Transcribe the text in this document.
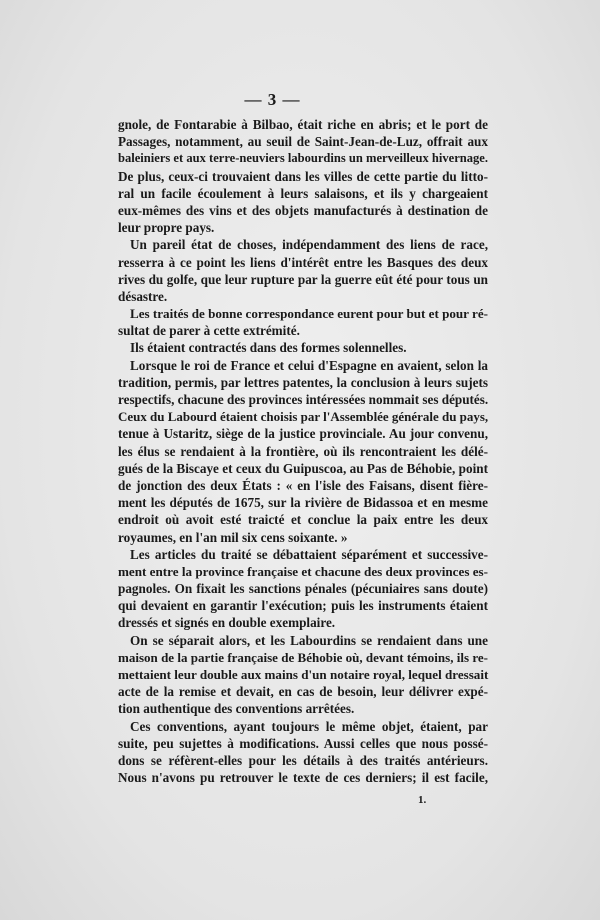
— 3 —
gnole, de Fontarabie à Bilbao, était riche en abris; et le port de
Passages, notamment, au seuil de Saint-Jean-de-Luz, offrait aux
baleiniers et aux terre-neuviers labourdins un merveilleux hivernage.
De plus, ceux-ci trouvaient dans les villes de cette partie du litto-
ral un facile écoulement à leurs salaisons, et ils y chargeaient
eux-mêmes des vins et des objets manufacturés à destination de
leur propre pays.
Un pareil état de choses, indépendamment des liens de race,
resserra à ce point les liens d'intérêt entre les Basques des deux
rives du golfe, que leur rupture par la guerre eût été pour tous un
désastre.
Les traités de bonne correspondance eurent pour but et pour ré-
sultat de parer à cette extrémité.
Ils étaient contractés dans des formes solennelles.
Lorsque le roi de France et celui d'Espagne en avaient, selon la
tradition, permis, par lettres patentes, la conclusion à leurs sujets
respectifs, chacune des provinces intéressées nommait ses députés.
Ceux du Labourd étaient choisis par l'Assemblée générale du pays,
tenue à Ustaritz, siège de la justice provinciale. Au jour convenu,
les élus se rendaient à la frontière, où ils rencontraient les délé-
gués de la Biscaye et ceux du Guipuscoa, au Pas de Béhobie, point
de jonction des deux États : « en l'isle des Faisans, disent fière-
ment les députés de 1675, sur la rivière de Bidassoa et en mesme
endroit où avoit esté traicté et conclue la paix entre les deux
royaumes, en l'an mil six cens soixante. »
Les articles du traité se débattaient séparément et successive-
ment entre la province française et chacune des deux provinces es-
pagnoles. On fixait les sanctions pénales (pécuniaires sans doute)
qui devaient en garantir l'exécution; puis les instruments étaient
dressés et signés en double exemplaire.
On se séparait alors, et les Labourdins se rendaient dans une
maison de la partie française de Béhobie où, devant témoins, ils re-
mettaient leur double aux mains d'un notaire royal, lequel dressait
acte de la remise et devait, en cas de besoin, leur délivrer expé-
tion authentique des conventions arrêtées.
Ces conventions, ayant toujours le même objet, étaient, par
suite, peu sujettes à modifications. Aussi celles que nous possé-
dons se réfèrent-elles pour les détails à des traités antérieurs.
Nous n'avons pu retrouver le texte de ces derniers; il est facile,
1.
